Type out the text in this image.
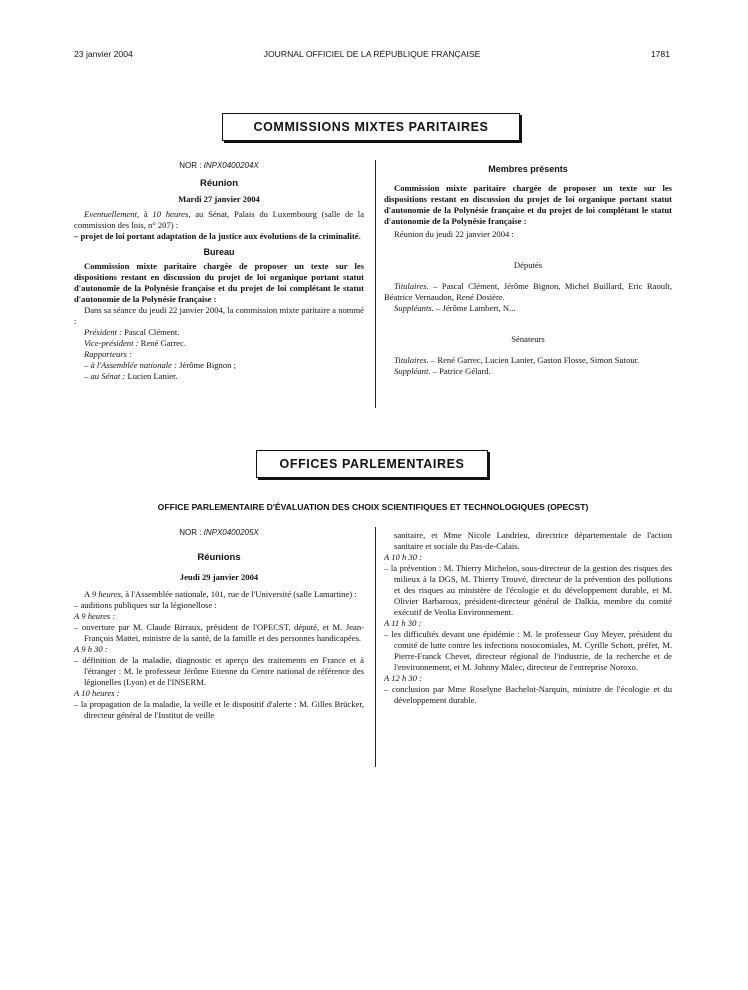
23 janvier 2004	JOURNAL OFFICIEL DE LA RÉPUBLIQUE FRANÇAISE	1781
COMMISSIONS MIXTES PARITAIRES

NOR : INPX0400204X

Réunion

Mardi 27 janvier 2004

Eventuellement, à 10 heures, au Sénat, Palais du Luxembourg (salle de la commission des lois, n° 207) :

– projet de loi portant adaptation de la justice aux évolutions de la criminalité.

Bureau

Commission mixte paritaire chargée de proposer un texte sur les dispositions restant en discussion du projet de loi organique portant statut d'autonomie de la Polynésie française et du projet de loi complétant le statut d'autonomie de la Polynésie française :

Dans sa séance du jeudi 22 janvier 2004, la commission mixte paritaire a nommé :

Président : Pascal Clément.

Vice-président : René Garrec.

Rapporteurs :

– à l'Assemblée nationale : Jérôme Bignon ;

– au Sénat : Lucien Lanier.

Membres présents

Commission mixte paritaire chargée de proposer un texte sur les dispositions restant en discussion du projet de loi organique portant statut d'autonomie de la Polynésie française et du projet de loi complétant le statut d'autonomie de la Polynésie française :

Réunion du jeudi 22 janvier 2004 :

Députés

Titulaires. – Pascal Clément, Jérôme Bignon, Michel Buillard, Eric Raoult, Béatrice Vernaudon, René Dosière.

Suppléants. – Jérôme Lambert, N...

Sénateurs

Titulaires. – René Garrec, Lucien Lanier, Gaston Flosse, Simon Sutour.

Suppléant. – Patrice Gélard.

OFFICES PARLEMENTAIRES
OFFICE PARLEMENTAIRE D'ÉVALUATION DES CHOIX SCIENTIFIQUES ET TECHNOLOGIQUES (OPECST)

NOR : INPX0400205X

Réunions

Jeudi 29 janvier 2004

A 9 heures, à l'Assemblée nationale, 101, rue de l'Université (salle Lamartine) :

– auditions publiques sur la légionellose :

A 9 heures :

– ouverture par M. Claude Birraux, président de l'OPECST, député, et M. Jean-François Mattei, ministre de la santé, de la famille et des personnes handicapées.

A 9 h 30 :

– définition de la maladie, diagnostic et aperçu des traitements en France et à l'étranger : M. le professeur Jérôme Etienne du Centre national de référence des légionelles (Lyon) et de l'INSERM.

A 10 heures :

– la propagation de la maladie, la veille et le dispositif d'alerte : M. Gilles Brücker, directeur général de l'Institut de veille

sanitaire, et Mme Nicole Landrieu, directrice départementale de l'action sanitaire et sociale du Pas-de-Calais.

A 10 h 30 :

– la prévention : M. Thierry Michelon, sous-directeur de la gestion des risques des milieux à la DGS, M. Thierry Trouvé, directeur de la prévention des pollutions et des risques au ministère de l'écologie et du développement durable, et M. Olivier Barbaroux, président-directeur général de Dalkia, membre du comité exécutif de Veolia Environnement.

A 11 h 30 :

– les difficultés devant une épidémie : M. le professeur Guy Meyer, président du comité de lutte contre les infections nosocomiales, M. Cyrille Schott, préfet, M. Pierre-Franck Chevet, directeur régional de l'industrie, de la recherche et de l'environnement, et M. Johnny Malec, directeur de l'entreprise Noroxo.

A 12 h 30 :

– conclusion par Mme Roselyne Bachelot-Narquin, ministre de l'écologie et du développement durable.
